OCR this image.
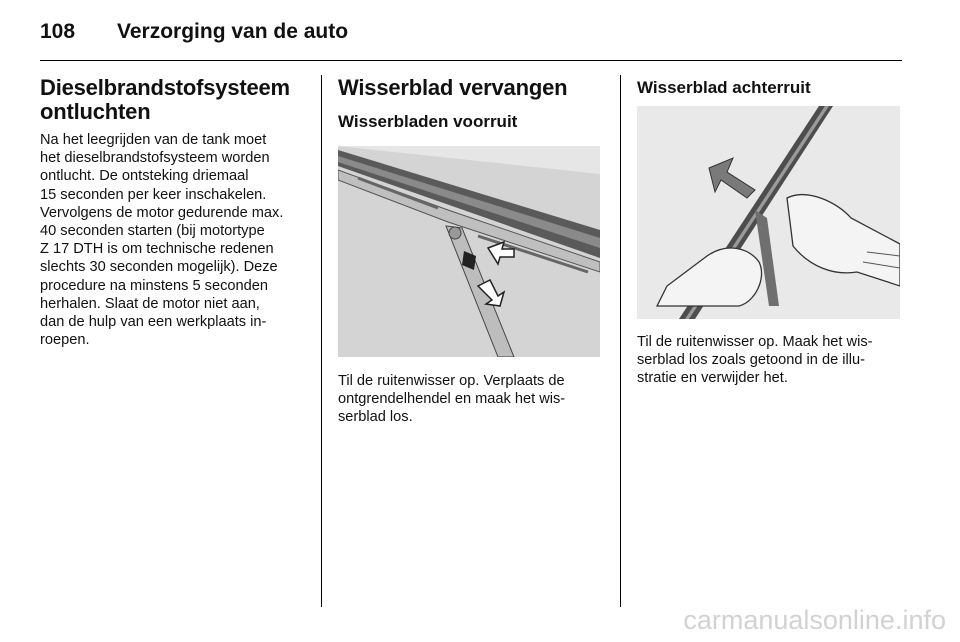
108 Verzorging van de auto
Dieselbrandstofsysteem
ontluchten

Na het leegrijden van de tank moet
het dieselbrandstofsysteem worden
ontlucht. De ontsteking driemaal
15 seconden per keer inschakelen.
Vervolgens de motor gedurende max.
40 seconden starten (bij motortype
Z 17 DTH is om technische redenen
slechts 30 seconden mogelijk). Deze
procedure na minstens 5 seconden
herhalen. Slaat de motor niet aan,
dan de hulp van een werkplaats in-
roepen.

Wisserblad vervangen
Wisserbladen voorruit

Til de ruitenwisser op. Verplaats de
ontgrendelhendel en maak het wis-
serblad los.

Wisserblad achterruit

Til de ruitenwisser op. Maak het wis-
serblad los zoals getoond in de illu-
stratie en verwijder het.

carmanualsonline.info
